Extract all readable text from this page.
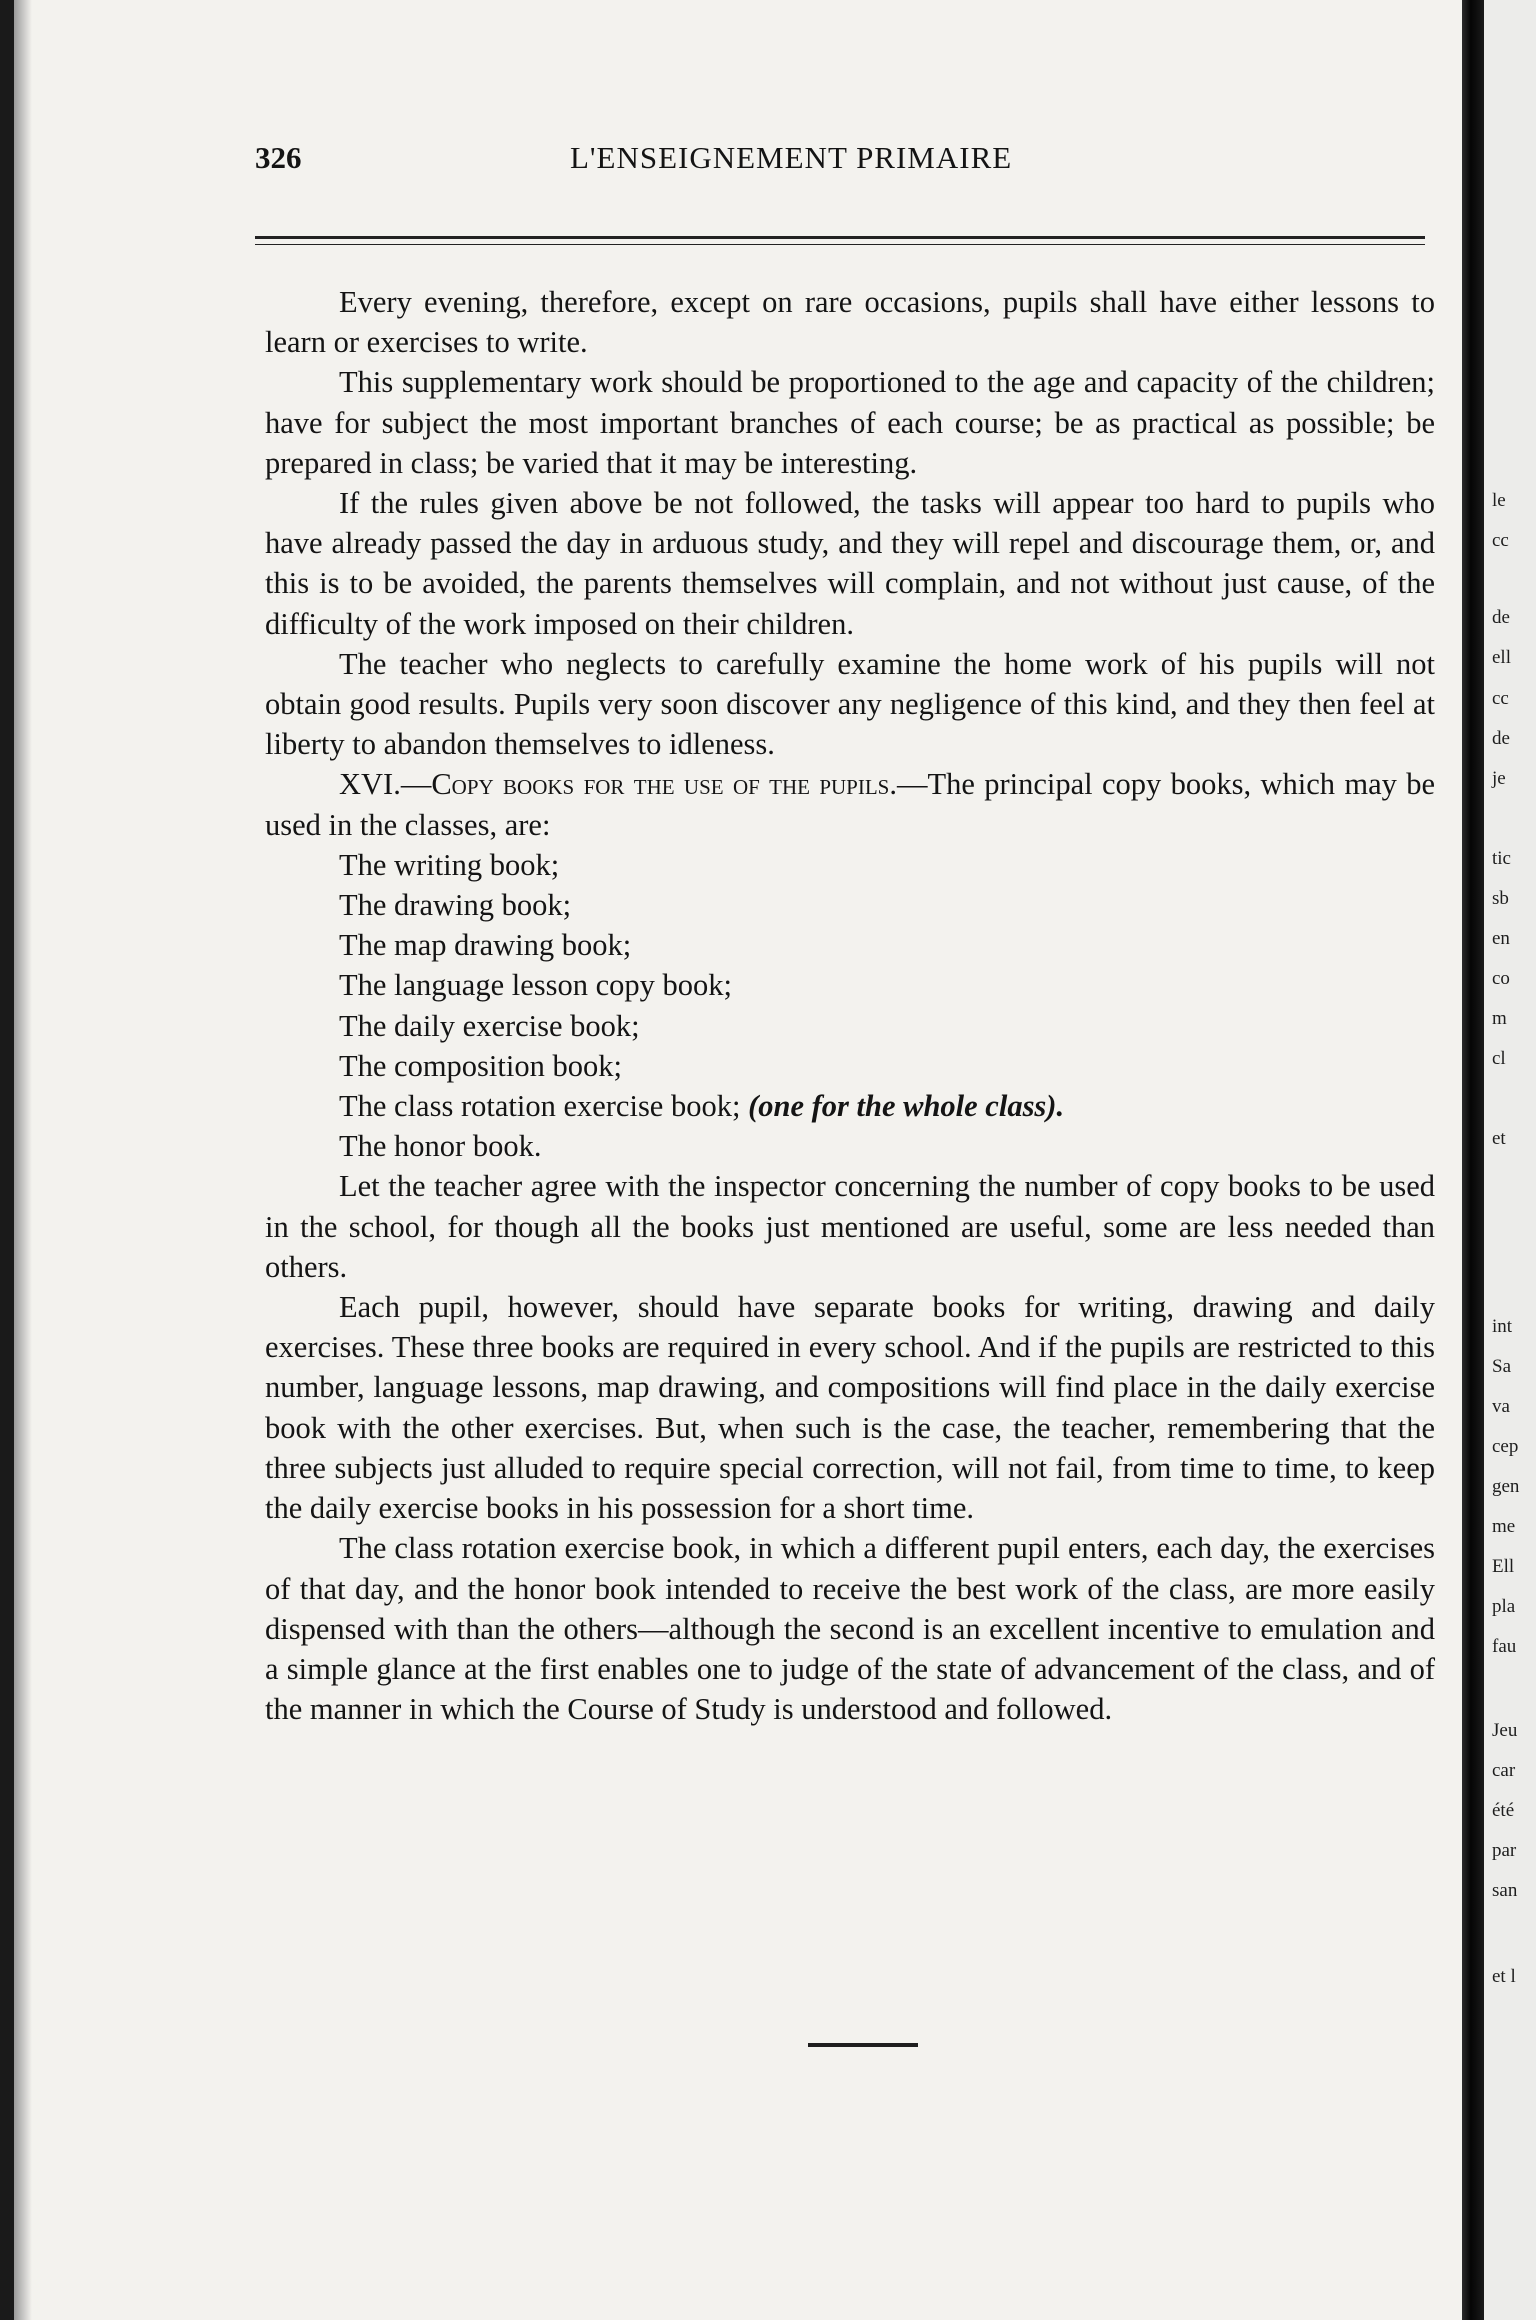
326	L'ENSEIGNEMENT PRIMAIRE

Every evening, therefore, except on rare occasions, pupils shall have either lessons to learn or exercises to write.

This supplementary work should be proportioned to the age and capacity of the children; have for subject the most important branches of each course; be as practical as possible; be prepared in class; be varied that it may be interesting.

If the rules given above be not followed, the tasks will appear too hard to pupils who have already passed the day in arduous study, and they will repel and discourage them, or, and this is to be avoided, the parents themselves will complain, and not without just cause, of the difficulty of the work imposed on their children.

The teacher who neglects to carefully examine the home work of his pupils will not obtain good results. Pupils very soon discover any negligence of this kind, and they then feel at liberty to abandon themselves to idleness.

XVI.—Copy books for the use of the pupils.—The principal copy books, which may be used in the classes, are:

The writing book;

The drawing book;

The map drawing book;

The language lesson copy book;

The daily exercise book;

The composition book;

The class rotation exercise book; (one for the whole class).

The honor book.

Let the teacher agree with the inspector concerning the number of copy books to be used in the school, for though all the books just mentioned are useful, some are less needed than others.

Each pupil, however, should have separate books for writing, drawing and daily exercises. These three books are required in every school. And if the pupils are restricted to this number, language lessons, map drawing, and compositions will find place in the daily exercise book with the other exercises. But, when such is the case, the teacher, remembering that the three subjects just alluded to require special correction, will not fail, from time to time, to keep the daily exercise books in his possession for a short time.

The class rotation exercise book, in which a different pupil enters, each day, the exercises of that day, and the honor book intended to receive the best work of the class, are more easily dispensed with than the others—although the second is an excellent incentive to emulation and a simple glance at the first enables one to judge of the state of advancement of the class, and of the manner in which the Course of Study is understood and followed.

le
cc
de
ell
cc
de
je
tic
sb
en
co
m
cl
et
int
Sa
va
cep
gen
me
Ell
pla
fau
Jeu
car
été
par
san
et l
